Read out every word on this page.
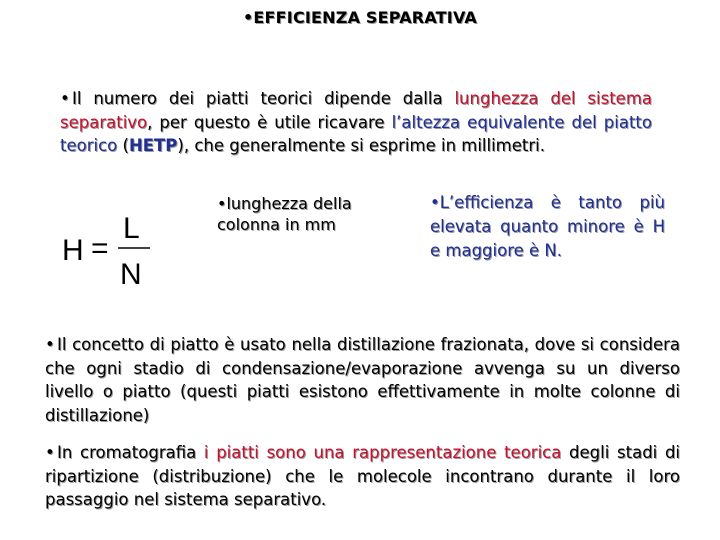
•EFFICIENZA SEPARATIVA
• Il numero dei piatti teorici dipende dalla lunghezza del sistema separativo, per questo è utile ricavare l’altezza equivalente del piatto teorico (HETP), che generalmente si esprime in millimetri.
H =
L
N
•lunghezza della colonna in mm
•L’efficienza è tanto più elevata quanto minore è H e maggiore è N.
• Il concetto di piatto è usato nella distillazione frazionata, dove si considera che ogni stadio di condensazione/evaporazione avvenga su un diverso livello o piatto (questi piatti esistono effettivamente in molte colonne di distillazione)
• In cromatografia i piatti sono una rappresentazione teorica degli stadi di ripartizione (distribuzione) che le molecole incontrano durante il loro passaggio nel sistema separativo.
